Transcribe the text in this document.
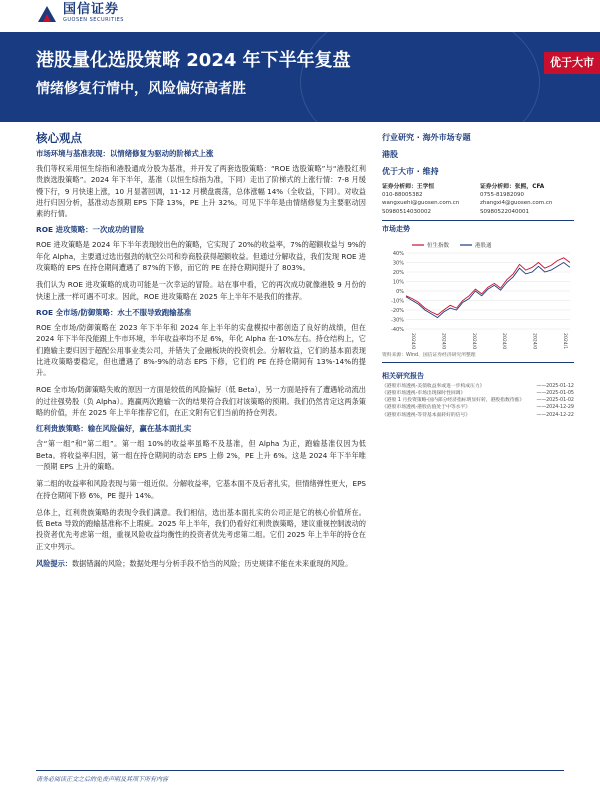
国信证券
GUOSEN SECURITIES
港股量化选股策略 2024 年下半年复盘
情绪修复行情中，风险偏好高者胜
优于大市
核心观点
市场环境与基准表现：以情绪修复为驱动的阶梯式上涨

我们等权采用恒生综指和港股通成分股为基准，并开发了两套选股策略：“ROE 选股策略”与“港股红利贵族选股策略”。2024 年下半年，基准（以恒生综指为准，下同）走出了阶梯式的上涨行情：7-8 月缓慢下行，9 月快速上涨，10 月显著回调，11-12 月横盘震荡，总体涨幅 14%（全收益，下同）。对收益进行归因分析，基准动态预期 EPS 下降 13%，PE 上升 32%。可见下半年是由情绪修复为主要驱动因素的行情。

ROE 进攻策略：一次成功的冒险

ROE 进攻策略是 2024 年下半年表现较出色的策略，它实现了 20%的收益率，7%的超额收益与 9%的年化 Alpha，主要通过选出强劲的航空公司和券商股获得超额收益。但通过分解收益，我们发现 ROE 进攻策略的 EPS 在持仓期间遭遇了 87%的下修，而它的 PE 在持仓期间提升了 803%。

我们认为 ROE 进攻策略的成功可能是一次幸运的冒险。站在事中看，它的再次成功就像港股 9 月份的快速上涨一样可遇不可求。因此，ROE 进攻策略在 2025 年上半年不是我们的推荐。

ROE 全市场/防御策略：水土不服导致跑输基准

ROE 全市场/防御策略在 2023 年下半年和 2024 年上半年的实盘模拟中都创造了良好的战绩，但在 2024 年下半年没能跟上牛市环境，半年收益率均不足 6%，年化 Alpha 在-10%左右。持仓结构上，它们跑输主要归因于超配公用事业类公司，并错失了金融板块的投资机会。分解收益，它们的基本面表现比进攻策略要稳定，但也遭遇了 8%-9%的动态 EPS 下修，它们的 PE 在持仓期间有 13%-14%的提升。

ROE 全市场/防御策略失败的原因一方面是较低的风险偏好（低 Beta），另一方面是持有了遭遇轮动流出的过往强势股（负 Alpha）。跑赢两次跑输一次的结果符合我们对该策略的预期。我们仍然肯定这两条策略的价值，并在 2025 年上半年推荐它们，在正文附有它们当前的持仓列表。

红利贵族策略：输在风险偏好，赢在基本面扎实

含“第一组”和“第二组”。第一组 10%的收益率虽略不及基准，但 Alpha 为正，跑输基准仅因为低 Beta。将收益率归因，第一组在持仓期间的动态 EPS 上修 2%，PE 上升 6%。这是 2024 年下半年唯一预期 EPS 上升的策略。

第二组的收益率和风险表现与第一组近似。分解收益率，它基本面不及后者扎实，但情绪弹性更大，EPS 在持仓期间下修 6%，PE 提升 14%。

总体上，红利贵族策略的表现令我们满意。我们相信，选出基本面扎实的公司正是它的核心价值所在。低 Beta 导致的跑输基准称不上瑕疵。2025 年上半年，我们仍看好红利贵族策略，建议重视控制波动的投资者优先考虑第一组，重视风险收益均衡性的投资者优先考虑第二组。它们 2025 年上半年的持仓在正文中列示。

风险提示：数据错漏的风险；数据处理与分析手段不恰当的风险；历史规律不能在未来重现的风险。

行业研究 · 海外市场专题
港股
优于大市 · 维持
证券分析师：王学恒
010-88005382
wangxuehi@guosen.com.cn
S0980514030002
证券分析师：张熙，CFA
0755-81982090
zhangxi4@guosen.com.cn
S0980522040001
市场走势
40%
30%
20%
10%
0%
-10%
-20%
-30%
-40%
2024/01	2024/03	2024/05	2024/07	2024/09	2024/11
恒生指数	港股通
资料来源：Wind、国信证券经济研究所整理
相关研究报告
《港股市场透视-美债收益率或进一步构成压力》	——2025-01-12
《港股市场透视-市场出现探时性回调》	——2025-01-05
《港股 1 月投资策略-国内部分经济指标明显好转，港股指数待涨》	——2025-01-02
《港股市场透视-港股估值处于中等水平》	——2024-12-29
《港股市场透视-等待基本面转好的信号》	——2024-12-22
请务必阅读正文之后的免责声明及其项下所有内容
